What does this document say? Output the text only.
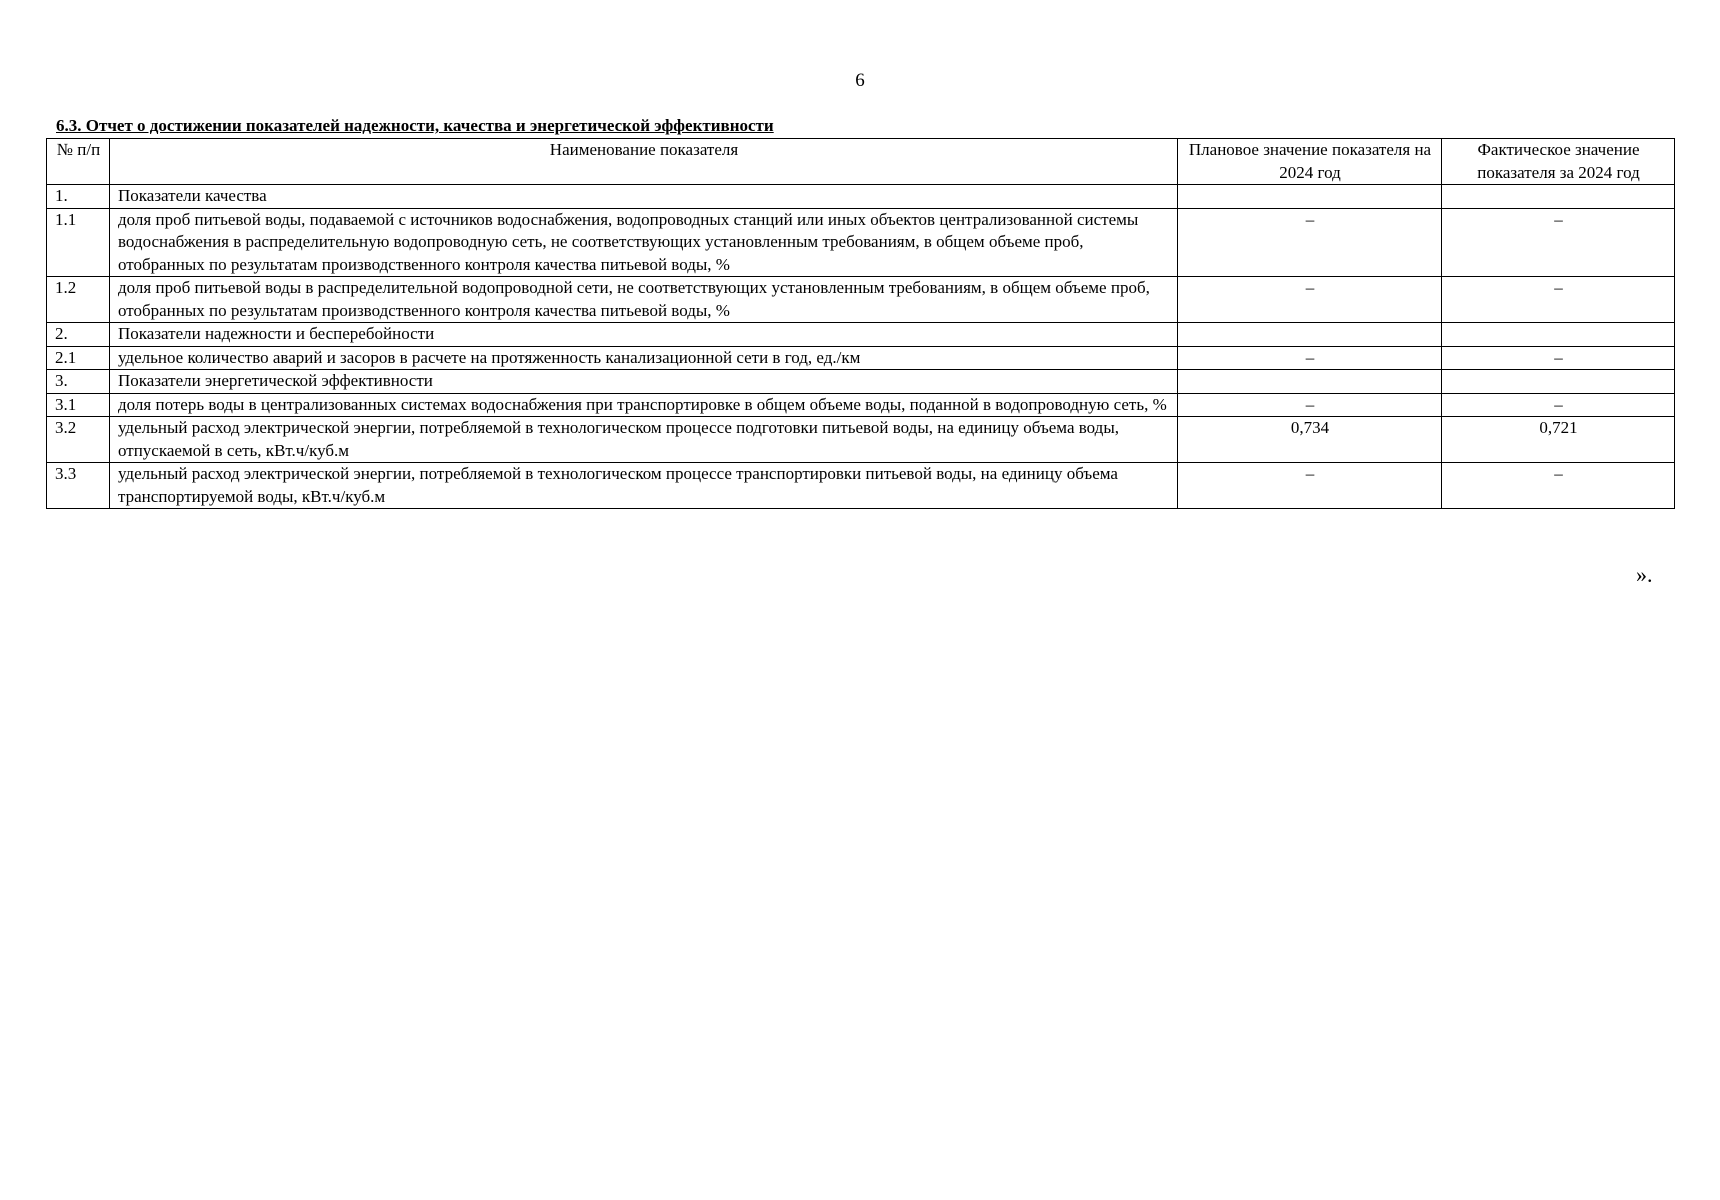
6
6.3. Отчет о достижении показателей надежности, качества и энергетической эффективности
№ п/п	Наименование показателя	Плановое значение показателя на 2024 год	Фактическое значение показателя за 2024 год
1.	Показатели качества		
1.1	доля проб питьевой воды, подаваемой с источников водоснабжения, водопроводных станций или иных объектов централизованной системы водоснабжения в распределительную водопроводную сеть, не соответствующих установленным требованиям, в общем объеме проб, отобранных по результатам производственного контроля качества питьевой воды, %	–	–
1.2	доля проб питьевой воды в распределительной водопроводной сети, не соответствующих установленным требованиям, в общем объеме проб, отобранных по результатам производственного контроля качества питьевой воды, %	–	–
2.	Показатели надежности и бесперебойности		
2.1	удельное количество аварий и засоров в расчете на протяженность канализационной сети в год, ед./км	–	–
3.	Показатели энергетической эффективности		
3.1	доля потерь воды в централизованных системах водоснабжения при транспортировке в общем объеме воды, поданной в водопроводную сеть, %	–	–
3.2	удельный расход электрической энергии, потребляемой в технологическом процессе подготовки питьевой воды, на единицу объема воды, отпускаемой в сеть, кВт.ч/куб.м	0,734	0,721
3.3	удельный расход электрической энергии, потребляемой в технологическом процессе транспортировки питьевой воды, на единицу объема транспортируемой воды, кВт.ч/куб.м	–	–
».
